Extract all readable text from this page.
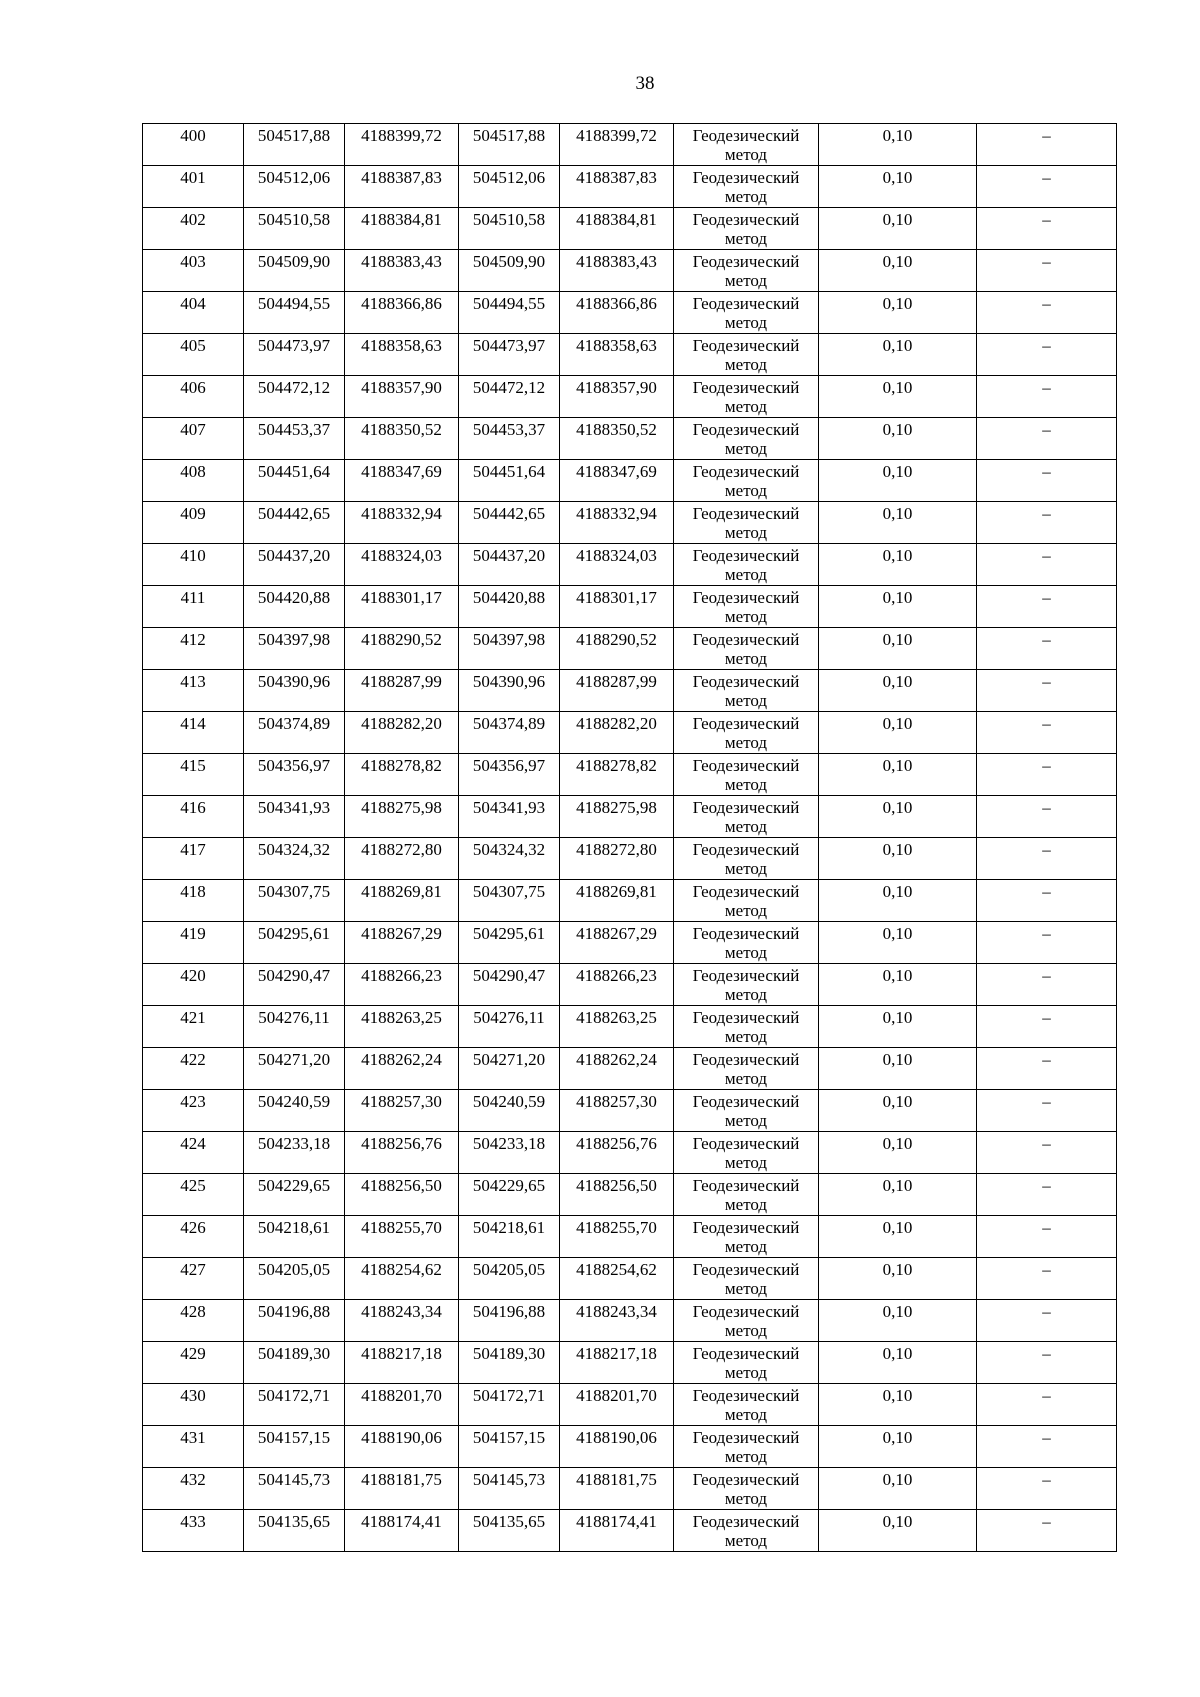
38
400	504517,88	4188399,72	504517,88	4188399,72	Геодезический метод	0,10	–
401	504512,06	4188387,83	504512,06	4188387,83	Геодезический метод	0,10	–
402	504510,58	4188384,81	504510,58	4188384,81	Геодезический метод	0,10	–
403	504509,90	4188383,43	504509,90	4188383,43	Геодезический метод	0,10	–
404	504494,55	4188366,86	504494,55	4188366,86	Геодезический метод	0,10	–
405	504473,97	4188358,63	504473,97	4188358,63	Геодезический метод	0,10	–
406	504472,12	4188357,90	504472,12	4188357,90	Геодезический метод	0,10	–
407	504453,37	4188350,52	504453,37	4188350,52	Геодезический метод	0,10	–
408	504451,64	4188347,69	504451,64	4188347,69	Геодезический метод	0,10	–
409	504442,65	4188332,94	504442,65	4188332,94	Геодезический метод	0,10	–
410	504437,20	4188324,03	504437,20	4188324,03	Геодезический метод	0,10	–
411	504420,88	4188301,17	504420,88	4188301,17	Геодезический метод	0,10	–
412	504397,98	4188290,52	504397,98	4188290,52	Геодезический метод	0,10	–
413	504390,96	4188287,99	504390,96	4188287,99	Геодезический метод	0,10	–
414	504374,89	4188282,20	504374,89	4188282,20	Геодезический метод	0,10	–
415	504356,97	4188278,82	504356,97	4188278,82	Геодезический метод	0,10	–
416	504341,93	4188275,98	504341,93	4188275,98	Геодезический метод	0,10	–
417	504324,32	4188272,80	504324,32	4188272,80	Геодезический метод	0,10	–
418	504307,75	4188269,81	504307,75	4188269,81	Геодезический метод	0,10	–
419	504295,61	4188267,29	504295,61	4188267,29	Геодезический метод	0,10	–
420	504290,47	4188266,23	504290,47	4188266,23	Геодезический метод	0,10	–
421	504276,11	4188263,25	504276,11	4188263,25	Геодезический метод	0,10	–
422	504271,20	4188262,24	504271,20	4188262,24	Геодезический метод	0,10	–
423	504240,59	4188257,30	504240,59	4188257,30	Геодезический метод	0,10	–
424	504233,18	4188256,76	504233,18	4188256,76	Геодезический метод	0,10	–
425	504229,65	4188256,50	504229,65	4188256,50	Геодезический метод	0,10	–
426	504218,61	4188255,70	504218,61	4188255,70	Геодезический метод	0,10	–
427	504205,05	4188254,62	504205,05	4188254,62	Геодезический метод	0,10	–
428	504196,88	4188243,34	504196,88	4188243,34	Геодезический метод	0,10	–
429	504189,30	4188217,18	504189,30	4188217,18	Геодезический метод	0,10	–
430	504172,71	4188201,70	504172,71	4188201,70	Геодезический метод	0,10	–
431	504157,15	4188190,06	504157,15	4188190,06	Геодезический метод	0,10	–
432	504145,73	4188181,75	504145,73	4188181,75	Геодезический метод	0,10	–
433	504135,65	4188174,41	504135,65	4188174,41	Геодезический метод	0,10	–
